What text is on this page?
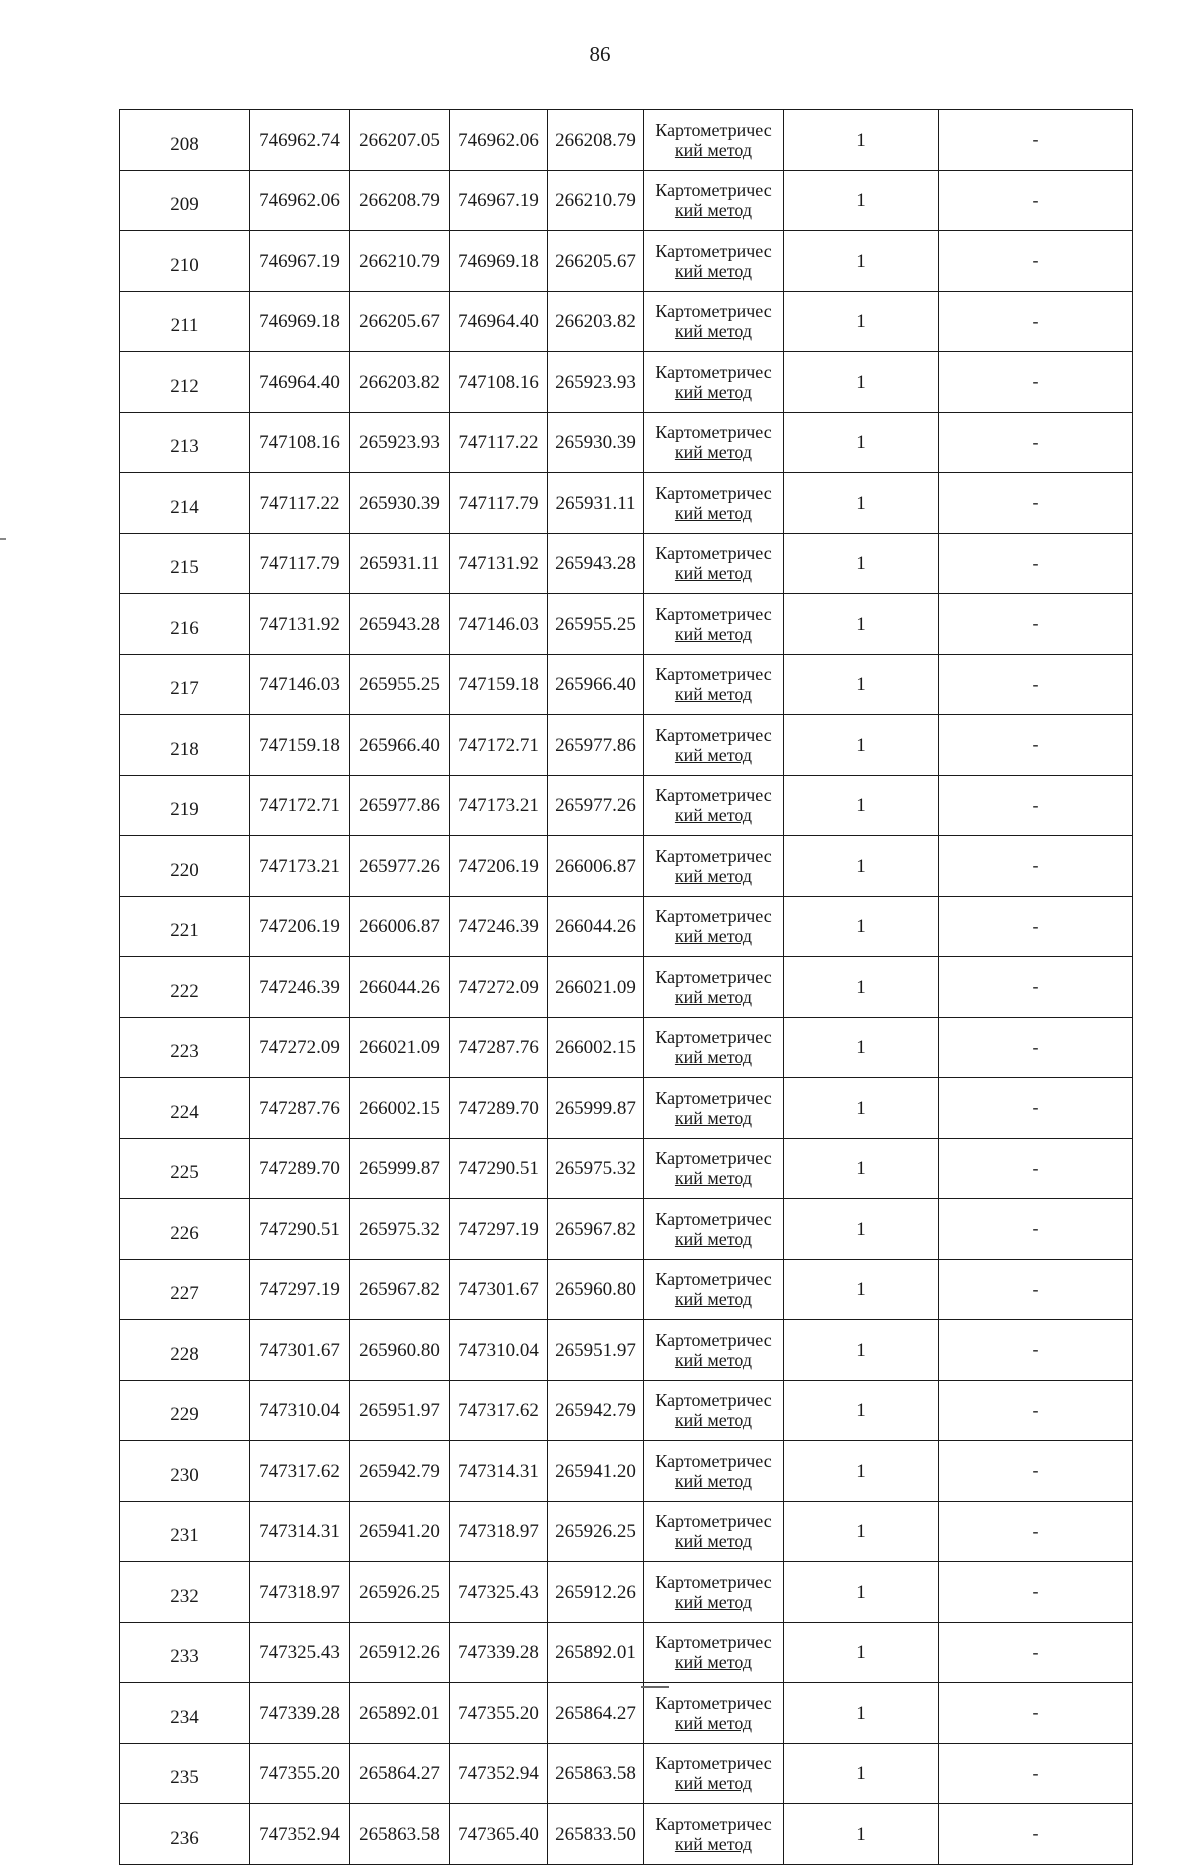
86
208	746962.74	266207.05	746962.06	266208.79	Картометричес
кий метод	1	-
209	746962.06	266208.79	746967.19	266210.79	Картометричес
кий метод	1	-
210	746967.19	266210.79	746969.18	266205.67	Картометричес
кий метод	1	-
211	746969.18	266205.67	746964.40	266203.82	Картометричес
кий метод	1	-
212	746964.40	266203.82	747108.16	265923.93	Картометричес
кий метод	1	-
213	747108.16	265923.93	747117.22	265930.39	Картометричес
кий метод	1	-
214	747117.22	265930.39	747117.79	265931.11	Картометричес
кий метод	1	-
215	747117.79	265931.11	747131.92	265943.28	Картометричес
кий метод	1	-
216	747131.92	265943.28	747146.03	265955.25	Картометричес
кий метод	1	-
217	747146.03	265955.25	747159.18	265966.40	Картометричес
кий метод	1	-
218	747159.18	265966.40	747172.71	265977.86	Картометричес
кий метод	1	-
219	747172.71	265977.86	747173.21	265977.26	Картометричес
кий метод	1	-
220	747173.21	265977.26	747206.19	266006.87	Картометричес
кий метод	1	-
221	747206.19	266006.87	747246.39	266044.26	Картометричес
кий метод	1	-
222	747246.39	266044.26	747272.09	266021.09	Картометричес
кий метод	1	-
223	747272.09	266021.09	747287.76	266002.15	Картометричес
кий метод	1	-
224	747287.76	266002.15	747289.70	265999.87	Картометричес
кий метод	1	-
225	747289.70	265999.87	747290.51	265975.32	Картометричес
кий метод	1	-
226	747290.51	265975.32	747297.19	265967.82	Картометричес
кий метод	1	-
227	747297.19	265967.82	747301.67	265960.80	Картометричес
кий метод	1	-
228	747301.67	265960.80	747310.04	265951.97	Картометричес
кий метод	1	-
229	747310.04	265951.97	747317.62	265942.79	Картометричес
кий метод	1	-
230	747317.62	265942.79	747314.31	265941.20	Картометричес
кий метод	1	-
231	747314.31	265941.20	747318.97	265926.25	Картометричес
кий метод	1	-
232	747318.97	265926.25	747325.43	265912.26	Картометричес
кий метод	1	-
233	747325.43	265912.26	747339.28	265892.01	Картометричес
кий метод	1	-
234	747339.28	265892.01	747355.20	265864.27	Картометричес
кий метод	1	-
235	747355.20	265864.27	747352.94	265863.58	Картометричес
кий метод	1	-
236	747352.94	265863.58	747365.40	265833.50	Картометричес
кий метод	1	-
